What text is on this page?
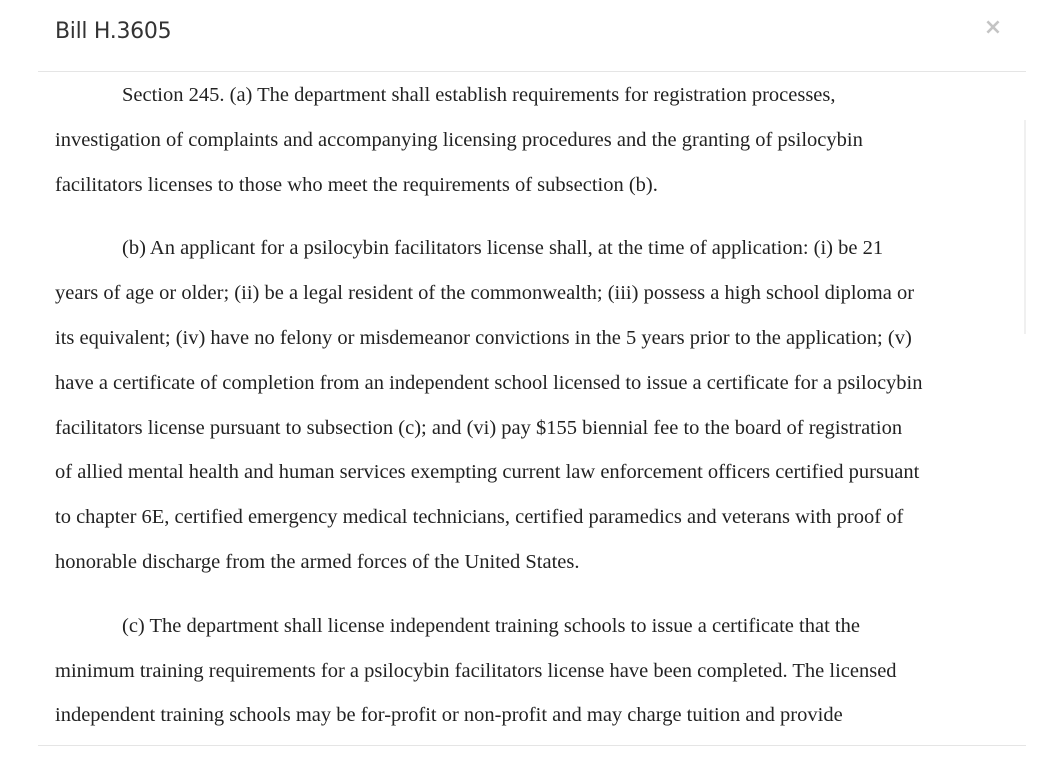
Bill H.3605	×

Section 245. (a) The department shall establish requirements for registration processes,
investigation of complaints and accompanying licensing procedures and the granting of psilocybin
facilitators licenses to those who meet the requirements of subsection (b).

(b) An applicant for a psilocybin facilitators license shall, at the time of application: (i) be 21
years of age or older; (ii) be a legal resident of the commonwealth; (iii) possess a high school diploma or
its equivalent; (iv) have no felony or misdemeanor convictions in the 5 years prior to the application; (v)
have a certificate of completion from an independent school licensed to issue a certificate for a psilocybin
facilitators license pursuant to subsection (c); and (vi) pay $155 biennial fee to the board of registration
of allied mental health and human services exempting current law enforcement officers certified pursuant
to chapter 6E, certified emergency medical technicians, certified paramedics and veterans with proof of
honorable discharge from the armed forces of the United States.

(c) The department shall license independent training schools to issue a certificate that the
minimum training requirements for a psilocybin facilitators license have been completed. The licensed
independent training schools may be for-profit or non-profit and may charge tuition and provide
